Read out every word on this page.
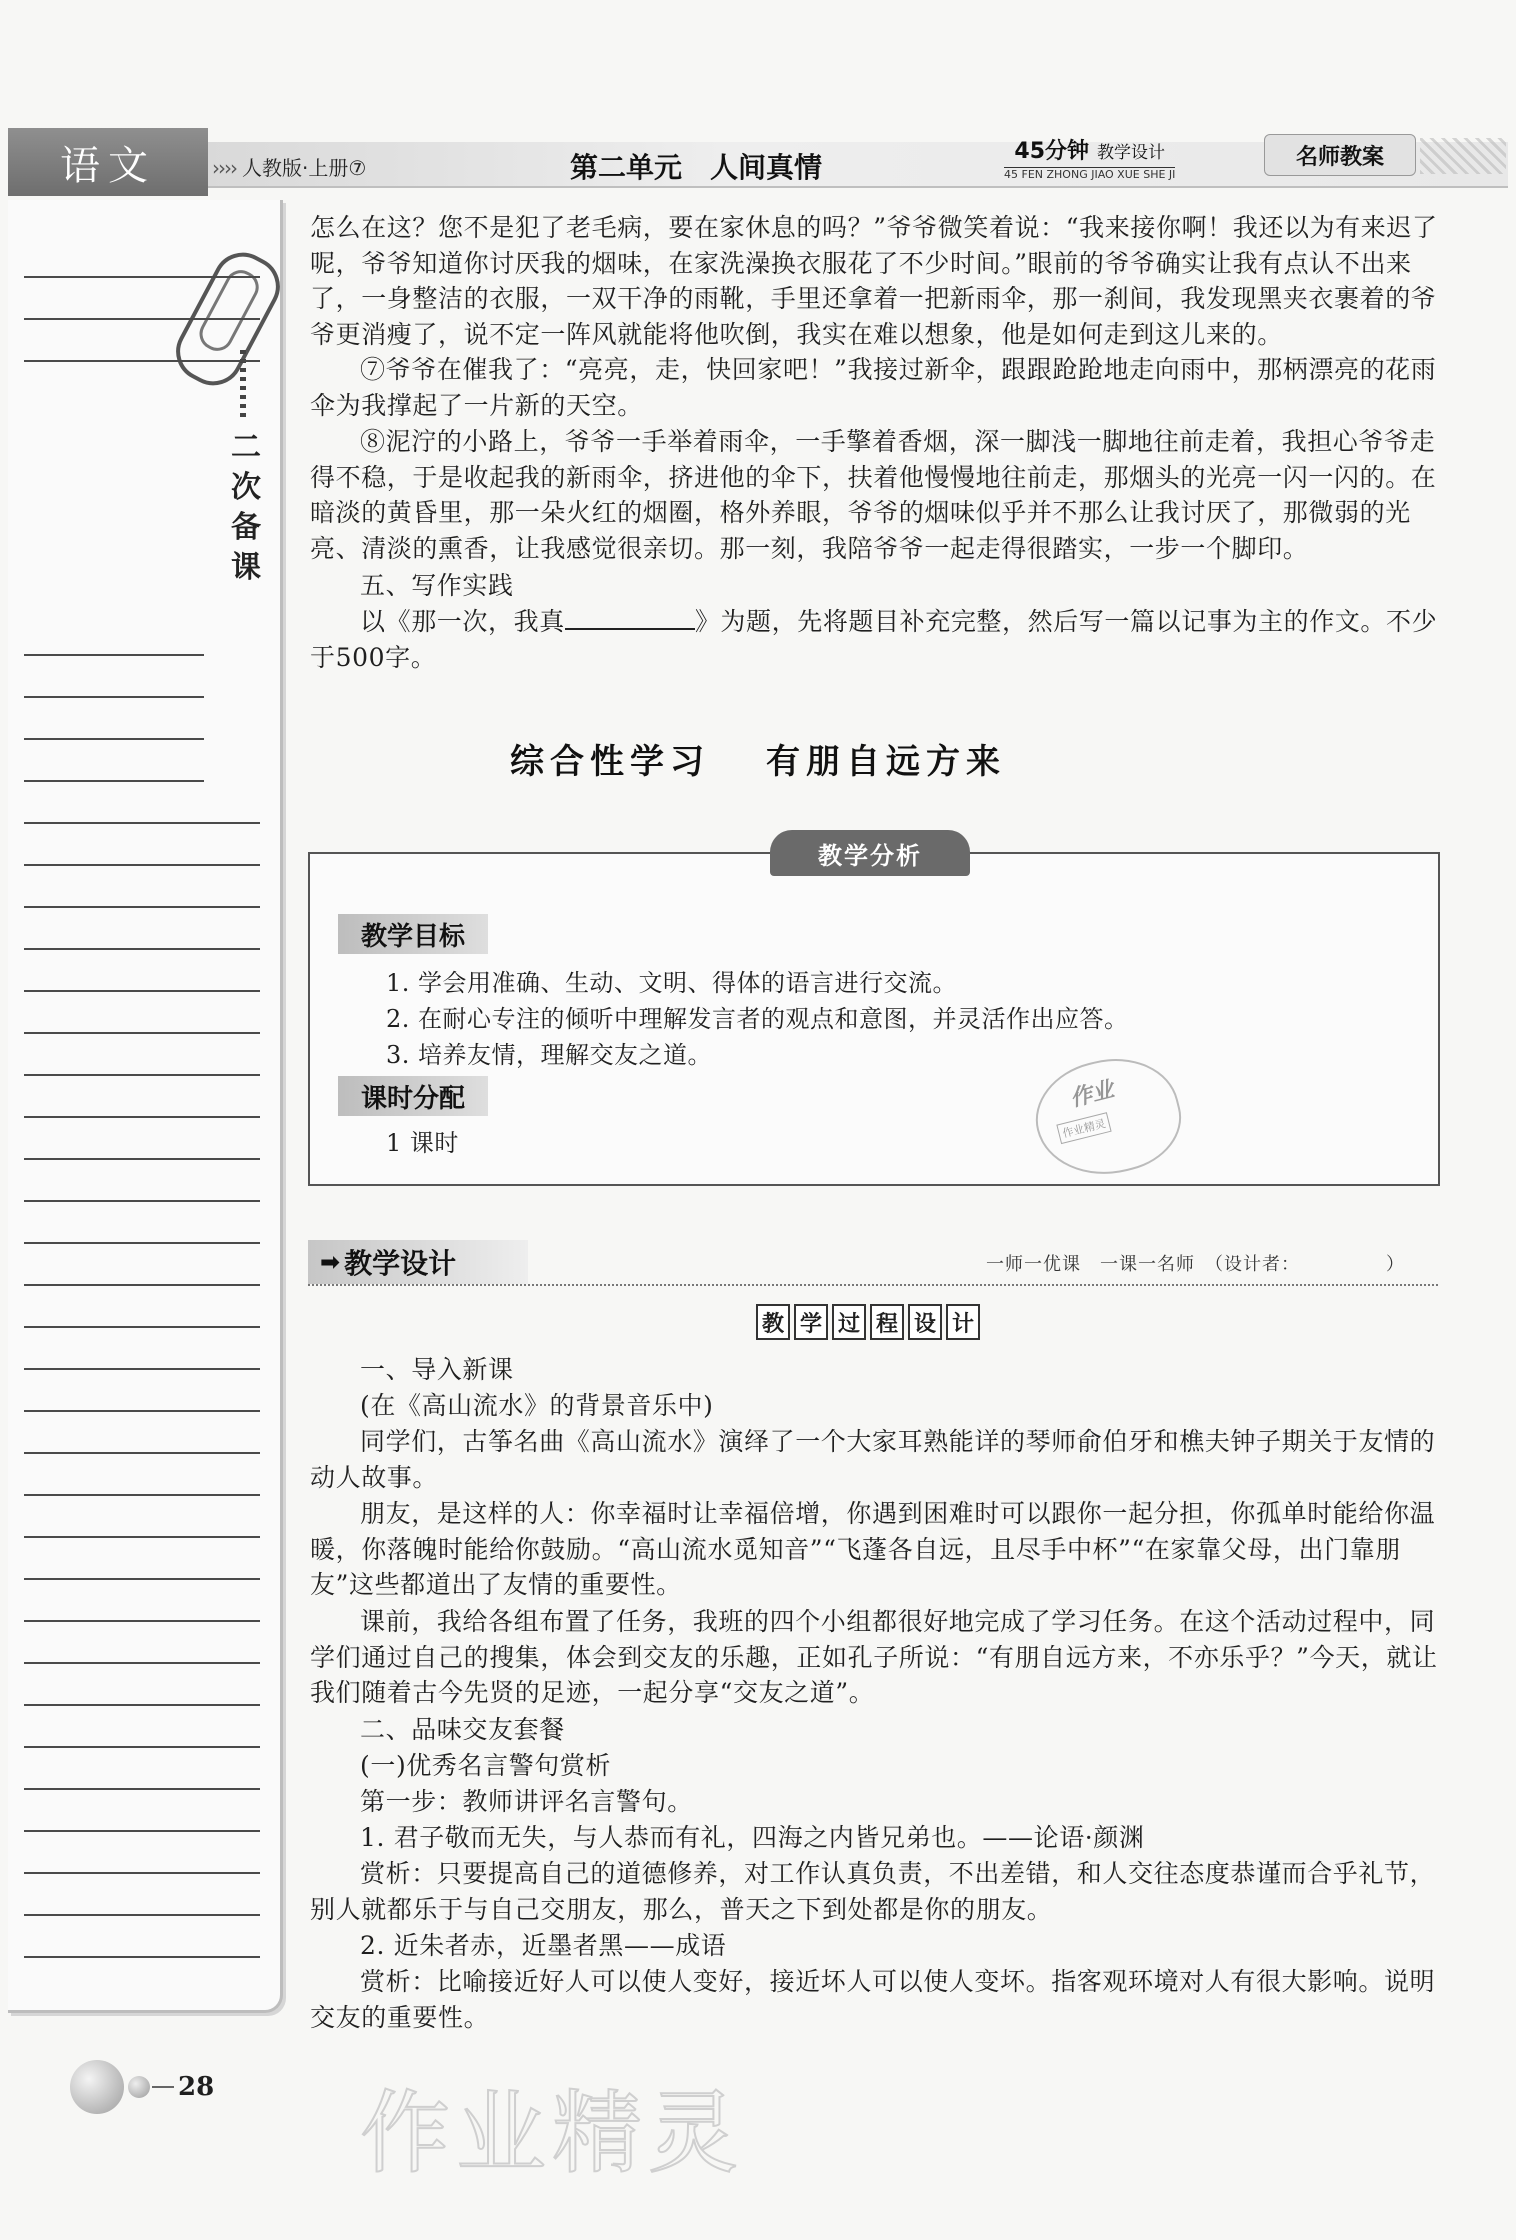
语文	›››› 人教版·上册⑦	第二单元　人间真情	45分钟 教学设计
45 FEN ZHONG JIAO XUE SHE JI
名师教案
二次备课
怎么在这？您不是犯了老毛病，要在家休息的吗？”爷爷微笑着说：“我来接你啊！我还以为有来迟了呢，爷爷知道你讨厌我的烟味，在家洗澡换衣服花了不少时间。”眼前的爷爷确实让我有点认不出来了，一身整洁的衣服，一双干净的雨靴，手里还拿着一把新雨伞，那一刹间，我发现黑夹衣裹着的爷爷更消瘦了，说不定一阵风就能将他吹倒，我实在难以想象，他是如何走到这儿来的。
⑦爷爷在催我了：“亮亮，走，快回家吧！”我接过新伞，跟跟跄跄地走向雨中，那柄漂亮的花雨伞为我撑起了一片新的天空。
⑧泥泞的小路上，爷爷一手举着雨伞，一手擎着香烟，深一脚浅一脚地往前走着，我担心爷爷走得不稳，于是收起我的新雨伞，挤进他的伞下，扶着他慢慢地往前走，那烟头的光亮一闪一闪的。在暗淡的黄昏里，那一朵火红的烟圈，格外养眼，爷爷的烟味似乎并不那么让我讨厌了，那微弱的光亮、清淡的熏香，让我感觉很亲切。那一刻，我陪爷爷一起走得很踏实，一步一个脚印。
五、写作实践
以《那一次，我真	》为题，先将题目补充完整，然后写一篇以记事为主的作文。不少于500字。
综合性学习 有朋自远方来
教学分析
教学目标
1. 学会用准确、生动、文明、得体的语言进行交流。
2. 在耐心专注的倾听中理解发言者的观点和意图，并灵活作出应答。
3. 培养友情，理解交友之道。
课时分配
1 课时
作业
作业精灵
➡ 教学设计	一师一优课　一课一名师　（设计者：　　　　　）
教 学 过 程 设 计
一、导入新课
(在《高山流水》的背景音乐中)
同学们，古筝名曲《高山流水》演绎了一个大家耳熟能详的琴师俞伯牙和樵夫钟子期关于友情的动人故事。
朋友，是这样的人：你幸福时让幸福倍增，你遇到困难时可以跟你一起分担，你孤单时能给你温暖，你落魄时能给你鼓励。“高山流水觅知音”“飞蓬各自远，且尽手中杯”“在家靠父母，出门靠朋友”这些都道出了友情的重要性。
课前，我给各组布置了任务，我班的四个小组都很好地完成了学习任务。在这个活动过程中，同学们通过自己的搜集，体会到交友的乐趣，正如孔子所说：“有朋自远方来，不亦乐乎？”今天，就让我们随着古今先贤的足迹，一起分享“交友之道”。
二、品味交友套餐
(一)优秀名言警句赏析
第一步：教师讲评名言警句。
1. 君子敬而无失，与人恭而有礼，四海之内皆兄弟也。——论语·颜渊
赏析：只要提高自己的道德修养，对工作认真负责，不出差错，和人交往态度恭谨而合乎礼节，别人就都乐于与自己交朋友，那么，普天之下到处都是你的朋友。
2. 近朱者赤，近墨者黑——成语
赏析：比喻接近好人可以使人变好，接近坏人可以使人变坏。指客观环境对人有很大影响。说明交友的重要性。
28 作业精灵
